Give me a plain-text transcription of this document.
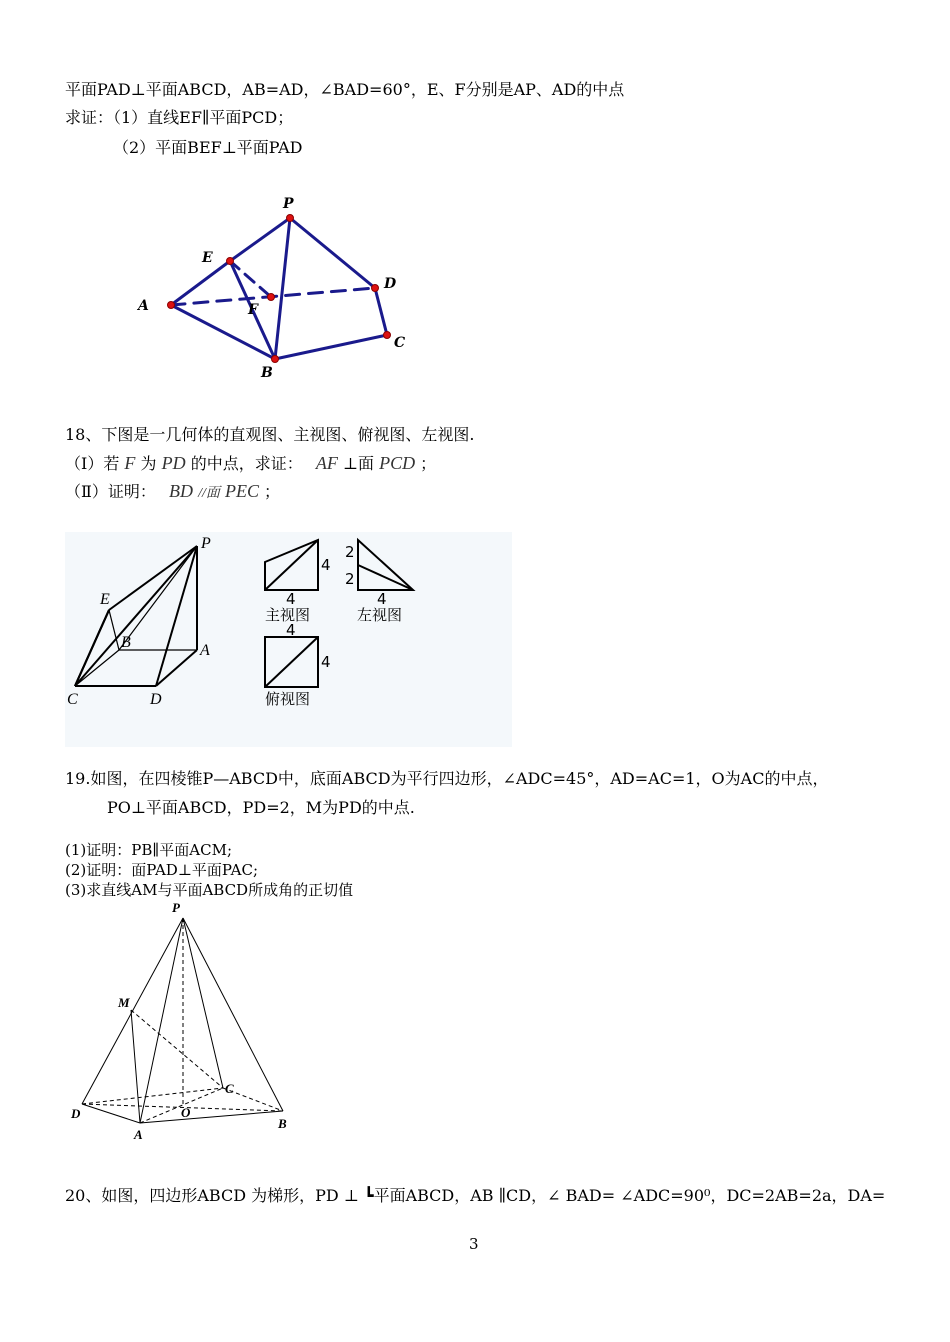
平面PAD⊥平面ABCD，AB=AD，∠BAD=60°，E、F分别是AP、AD的中点
求证：（1）直线EF∥平面PCD；
（2）平面BEF⊥平面PAD
P
E
D
A	F
C
B
18、下图是一几何体的直观图、主视图、俯视图、左视图.
（Ⅰ）若 F 为 PD 的中点，求证： AF ⊥面 PCD ；
（Ⅱ）证明： BD //面 PEC ；
P
E
B	A
C	D
4
4
主视图
2
2
4
左视图
4
4
俯视图
19.如图，在四棱锥P—ABCD中，底面ABCD为平行四边形，∠ADC=45°，AD=AC=1，O为AC的中点，
PO⊥平面ABCD，PD=2，M为PD的中点.
(1)证明：PB∥平面ACM;
(2)证明：面PAD⊥平面PAC;
(3)求直线AM与平面ABCD所成角的正切值
P
M
C
D	O
A
B
20、如图，四边形ABCD 为梯形，PD ⊥ ┗平面ABCD，AB ∥CD，∠ BAD= ∠ADC=90⁰，DC=2AB=2a，DA=
3
